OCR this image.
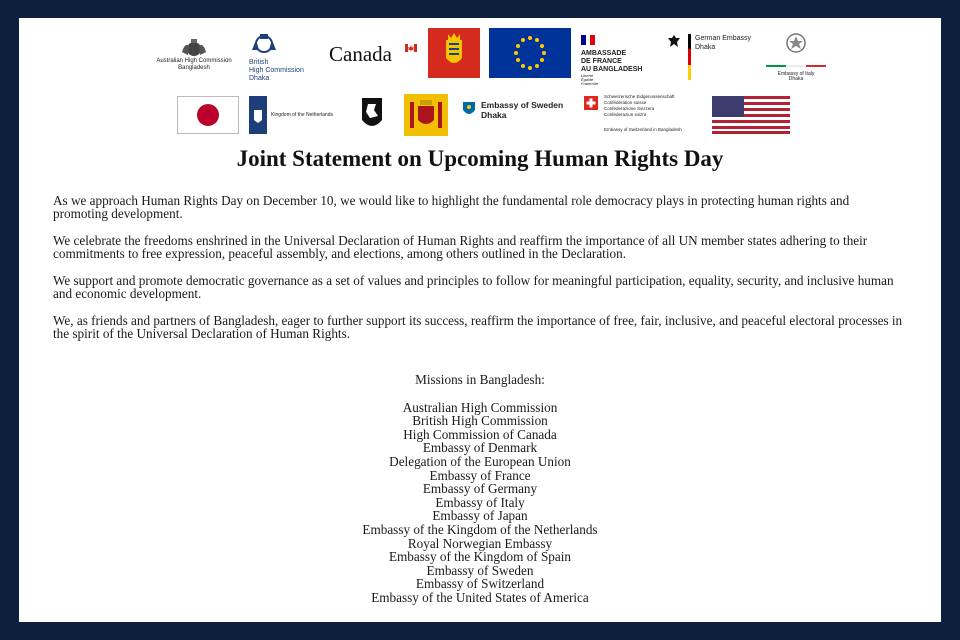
Australian High Commission
Bangladesh
British
High Commission
Dhaka
Canada	AMBASSADE
DE FRANCE
AU BANGLADESH
Liberté
Égalité
Fraternité
German Embassy
Dhaka
Embassy of Italy
Dhaka
Kingdom of the Netherlands
Embassy of Sweden
Dhaka
Schweizerische Eidgenossenschaft
Confédération suisse
Confederazione Svizzera
Confederaziun svizra
Embassy of Switzerland in Bangladesh
Joint Statement on Upcoming Human Rights Day

As we approach Human Rights Day on December 10, we would like to highlight the fundamental role democracy plays in protecting human rights and promoting development.

We celebrate the freedoms enshrined in the Universal Declaration of Human Rights and reaffirm the importance of all UN member states adhering to their commitments to free expression, peaceful assembly, and elections, among others outlined in the Declaration.

We support and promote democratic governance as a set of values and principles to follow for meaningful participation, equality, security, and inclusive human and economic development.

We, as friends and partners of Bangladesh, eager to further support its success, reaffirm the importance of free, fair, inclusive, and peaceful electoral processes in the spirit of the Universal Declaration of Human Rights.

Missions in Bangladesh:
Australian High Commission
British High Commission
High Commission of Canada
Embassy of Denmark
Delegation of the European Union
Embassy of France
Embassy of Germany
Embassy of Italy
Embassy of Japan
Embassy of the Kingdom of the Netherlands
Royal Norwegian Embassy
Embassy of the Kingdom of Spain
Embassy of Sweden
Embassy of Switzerland
Embassy of the United States of America
